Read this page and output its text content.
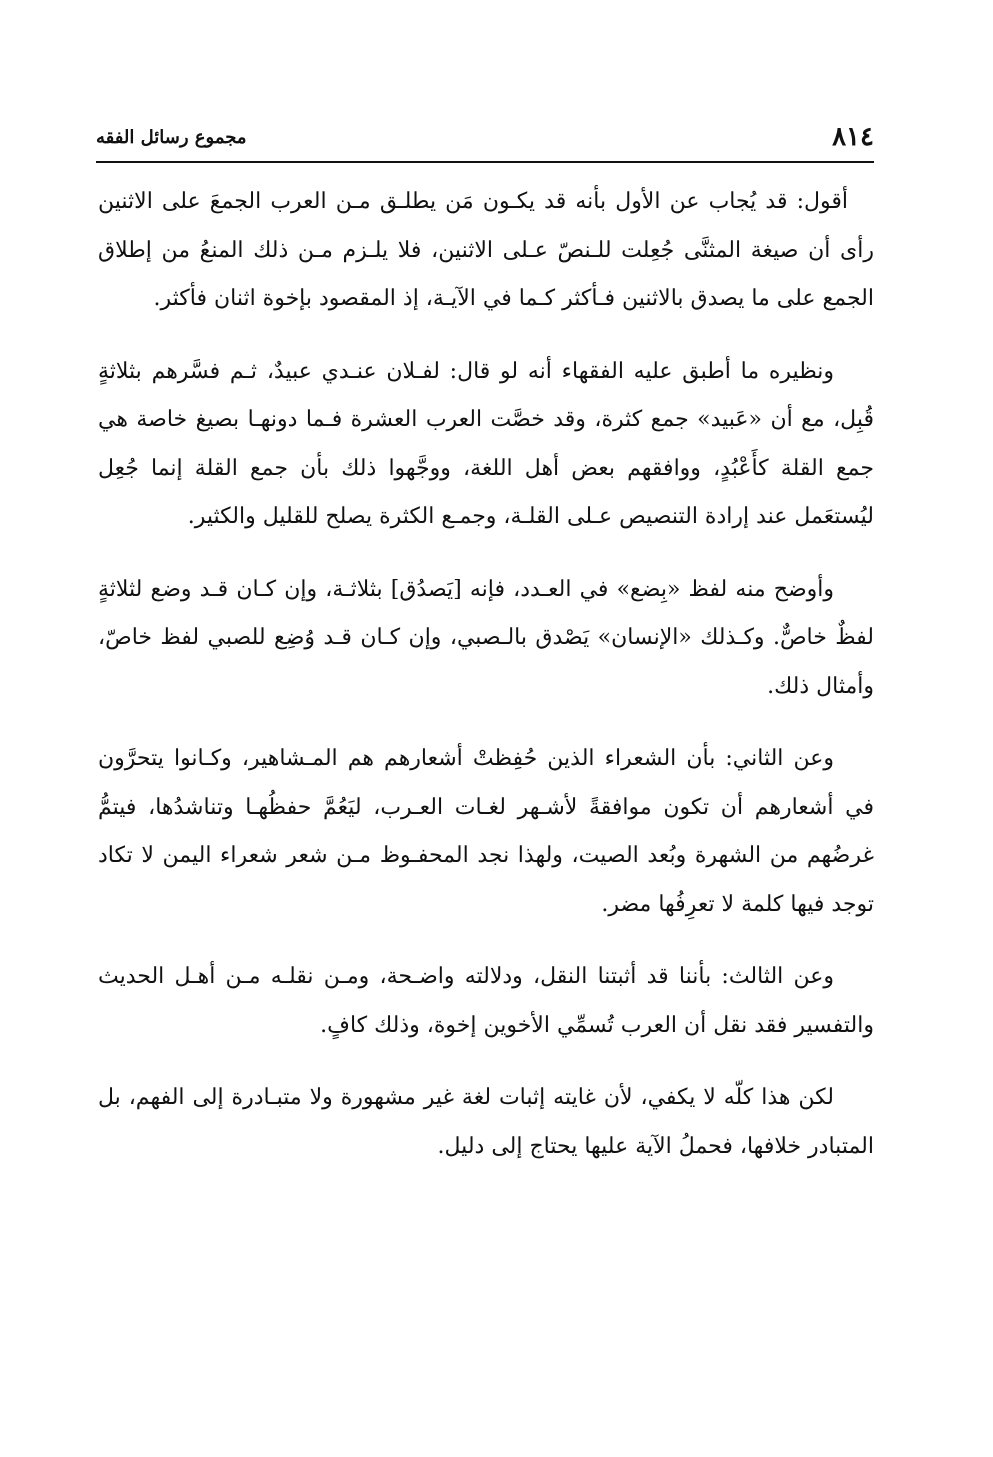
٨١٤
مجموع رسائل الفقه

أقول: قد يُجاب عن الأول بأنه قد يكـون مَن يطلـق مـن العرب الجمعَ على الاثنين رأى أن صيغة المثنَّى جُعِلت للـنصّ عـلى الاثنين، فلا يلـزم مـن ذلك المنعُ من إطلاق الجمع على ما يصدق بالاثنين فـأكثر كـما في الآيـة، إذ المقصود بإخوة اثنان فأكثر.

ونظيره ما أطبق عليه الفقهاء أنه لو قال: لفـلان عنـدي عبيدٌ، ثـم فسَّرهم بثلاثةٍ قُبِل، مع أن «عَبيد» جمع كثرة، وقد خصَّت العرب العشرة فـما دونهـا بصيغ خاصة هي جمع القلة كأَعْبُدٍ، ووافقهم بعض أهل اللغة، ووجَّهوا ذلك بأن جمع القلة إنما جُعِل ليُستعَمل عند إرادة التنصيص عـلى القلـة، وجمـع الكثرة يصلح للقليل والكثير.

وأوضح منه لفظ «بِضع» في العـدد، فإنه [يَصدُق] بثلاثـة، وإن كـان قـد وضع لثلاثةٍ لفظٌ خاصٌّ. وكـذلك «الإنسان» يَصْدق بالـصبي، وإن كـان قـد وُضِع للصبي لفظ خاصّ، وأمثال ذلك.

وعن الثاني: بأن الشعراء الذين حُفِظتْ أشعارهم هم المـشاهير، وكـانوا يتحرَّون في أشعارهم أن تكون موافقةً لأشـهر لغـات العـرب، ليَعُمَّ حفظُهـا وتناشدُها، فيتمُّ غرضُهم من الشهرة وبُعد الصيت، ولهذا نجد المحفـوظ مـن شعر شعراء اليمن لا تكاد توجد فيها كلمة لا تعرِفُها مضر.

وعن الثالث: بأننا قد أثبتنا النقل، ودلالته واضـحة، ومـن نقلـه مـن أهـل الحديث والتفسير فقد نقل أن العرب تُسمِّي الأخوين إخوة، وذلك كافٍ.

لكن هذا كلّه لا يكفي، لأن غايته إثبات لغة غير مشهورة ولا متبـادرة إلى الفهم، بل المتبادر خلافها، فحملُ الآية عليها يحتاج إلى دليل.
